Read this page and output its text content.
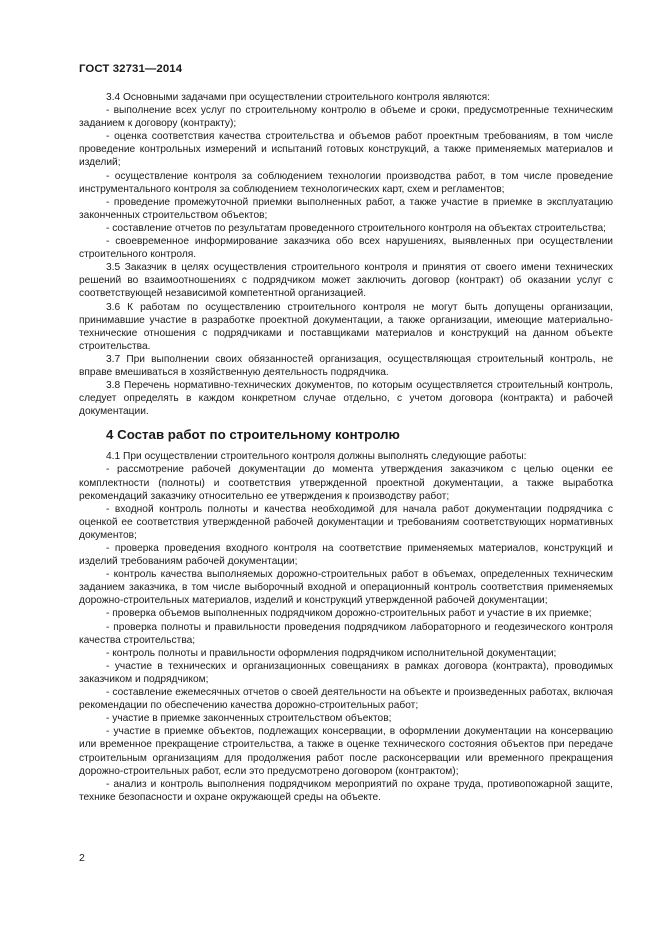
ГОСТ 32731—2014

3.4 Основными задачами при осуществлении строительного контроля являются:

- выполнение всех услуг по строительному контролю в объеме и сроки, предусмотренные техническим заданием к договору (контракту);

- оценка соответствия качества строительства и объемов работ проектным требованиям, в том числе проведение контрольных измерений и испытаний готовых конструкций, а также применяемых материалов и изделий;

- осуществление контроля за соблюдением технологии производства работ, в том числе проведение инструментального контроля за соблюдением технологических карт, схем и регламентов;

- проведение промежуточной приемки выполненных работ, а также участие в приемке в эксплуатацию законченных строительством объектов;

- составление отчетов по результатам проведенного строительного контроля на объектах строительства;

- своевременное информирование заказчика обо всех нарушениях, выявленных при осуществлении строительного контроля.

3.5 Заказчик в целях осуществления строительного контроля и принятия от своего имени технических решений во взаимоотношениях с подрядчиком может заключить договор (контракт) об оказании услуг с соответствующей независимой компетентной организацией.

3.6 К работам по осуществлению строительного контроля не могут быть допущены организации, принимавшие участие в разработке проектной документации, а также организации, имеющие материально-технические отношения с подрядчиками и поставщиками материалов и конструкций на данном объекте строительства.

3.7 При выполнении своих обязанностей организация, осуществляющая строительный контроль, не вправе вмешиваться в хозяйственную деятельность подрядчика.

3.8 Перечень нормативно-технических документов, по которым осуществляется строительный контроль, следует определять в каждом конкретном случае отдельно, с учетом договора (контракта) и рабочей документации.

4 Состав работ по строительному контролю

4.1 При осуществлении строительного контроля должны выполнять следующие работы:

- рассмотрение рабочей документации до момента утверждения заказчиком с целью оценки ее комплектности (полноты) и соответствия утвержденной проектной документации, а также выработка рекомендаций заказчику относительно ее утверждения к производству работ;

- входной контроль полноты и качества необходимой для начала работ документации подрядчика с оценкой ее соответствия утвержденной рабочей документации и требованиям соответствующих нормативных документов;

- проверка проведения входного контроля на соответствие применяемых материалов, конструкций и изделий требованиям рабочей документации;

- контроль качества выполняемых дорожно-строительных работ в объемах, определенных техническим заданием заказчика, в том числе выборочный входной и операционный контроль соответствия применяемых дорожно-строительных материалов, изделий и конструкций утвержденной рабочей документации;

- проверка объемов выполненных подрядчиком дорожно-строительных работ и участие в их приемке;

- проверка полноты и правильности проведения подрядчиком лабораторного и геодезического контроля качества строительства;

- контроль полноты и правильности оформления подрядчиком исполнительной документации;

- участие в технических и организационных совещаниях в рамках договора (контракта), проводимых заказчиком и подрядчиком;

- составление ежемесячных отчетов о своей деятельности на объекте и произведенных работах, включая рекомендации по обеспечению качества дорожно-строительных работ;

- участие в приемке законченных строительством объектов;

- участие в приемке объектов, подлежащих консервации, в оформлении документации на консервацию или временное прекращение строительства, а также в оценке технического состояния объектов при передаче строительным организациям для продолжения работ после расконсервации или временного прекращения дорожно-строительных работ, если это предусмотрено договором (контрактом);

- анализ и контроль выполнения подрядчиком мероприятий по охране труда, противопожарной защите, технике безопасности и охране окружающей среды на объекте.

2
